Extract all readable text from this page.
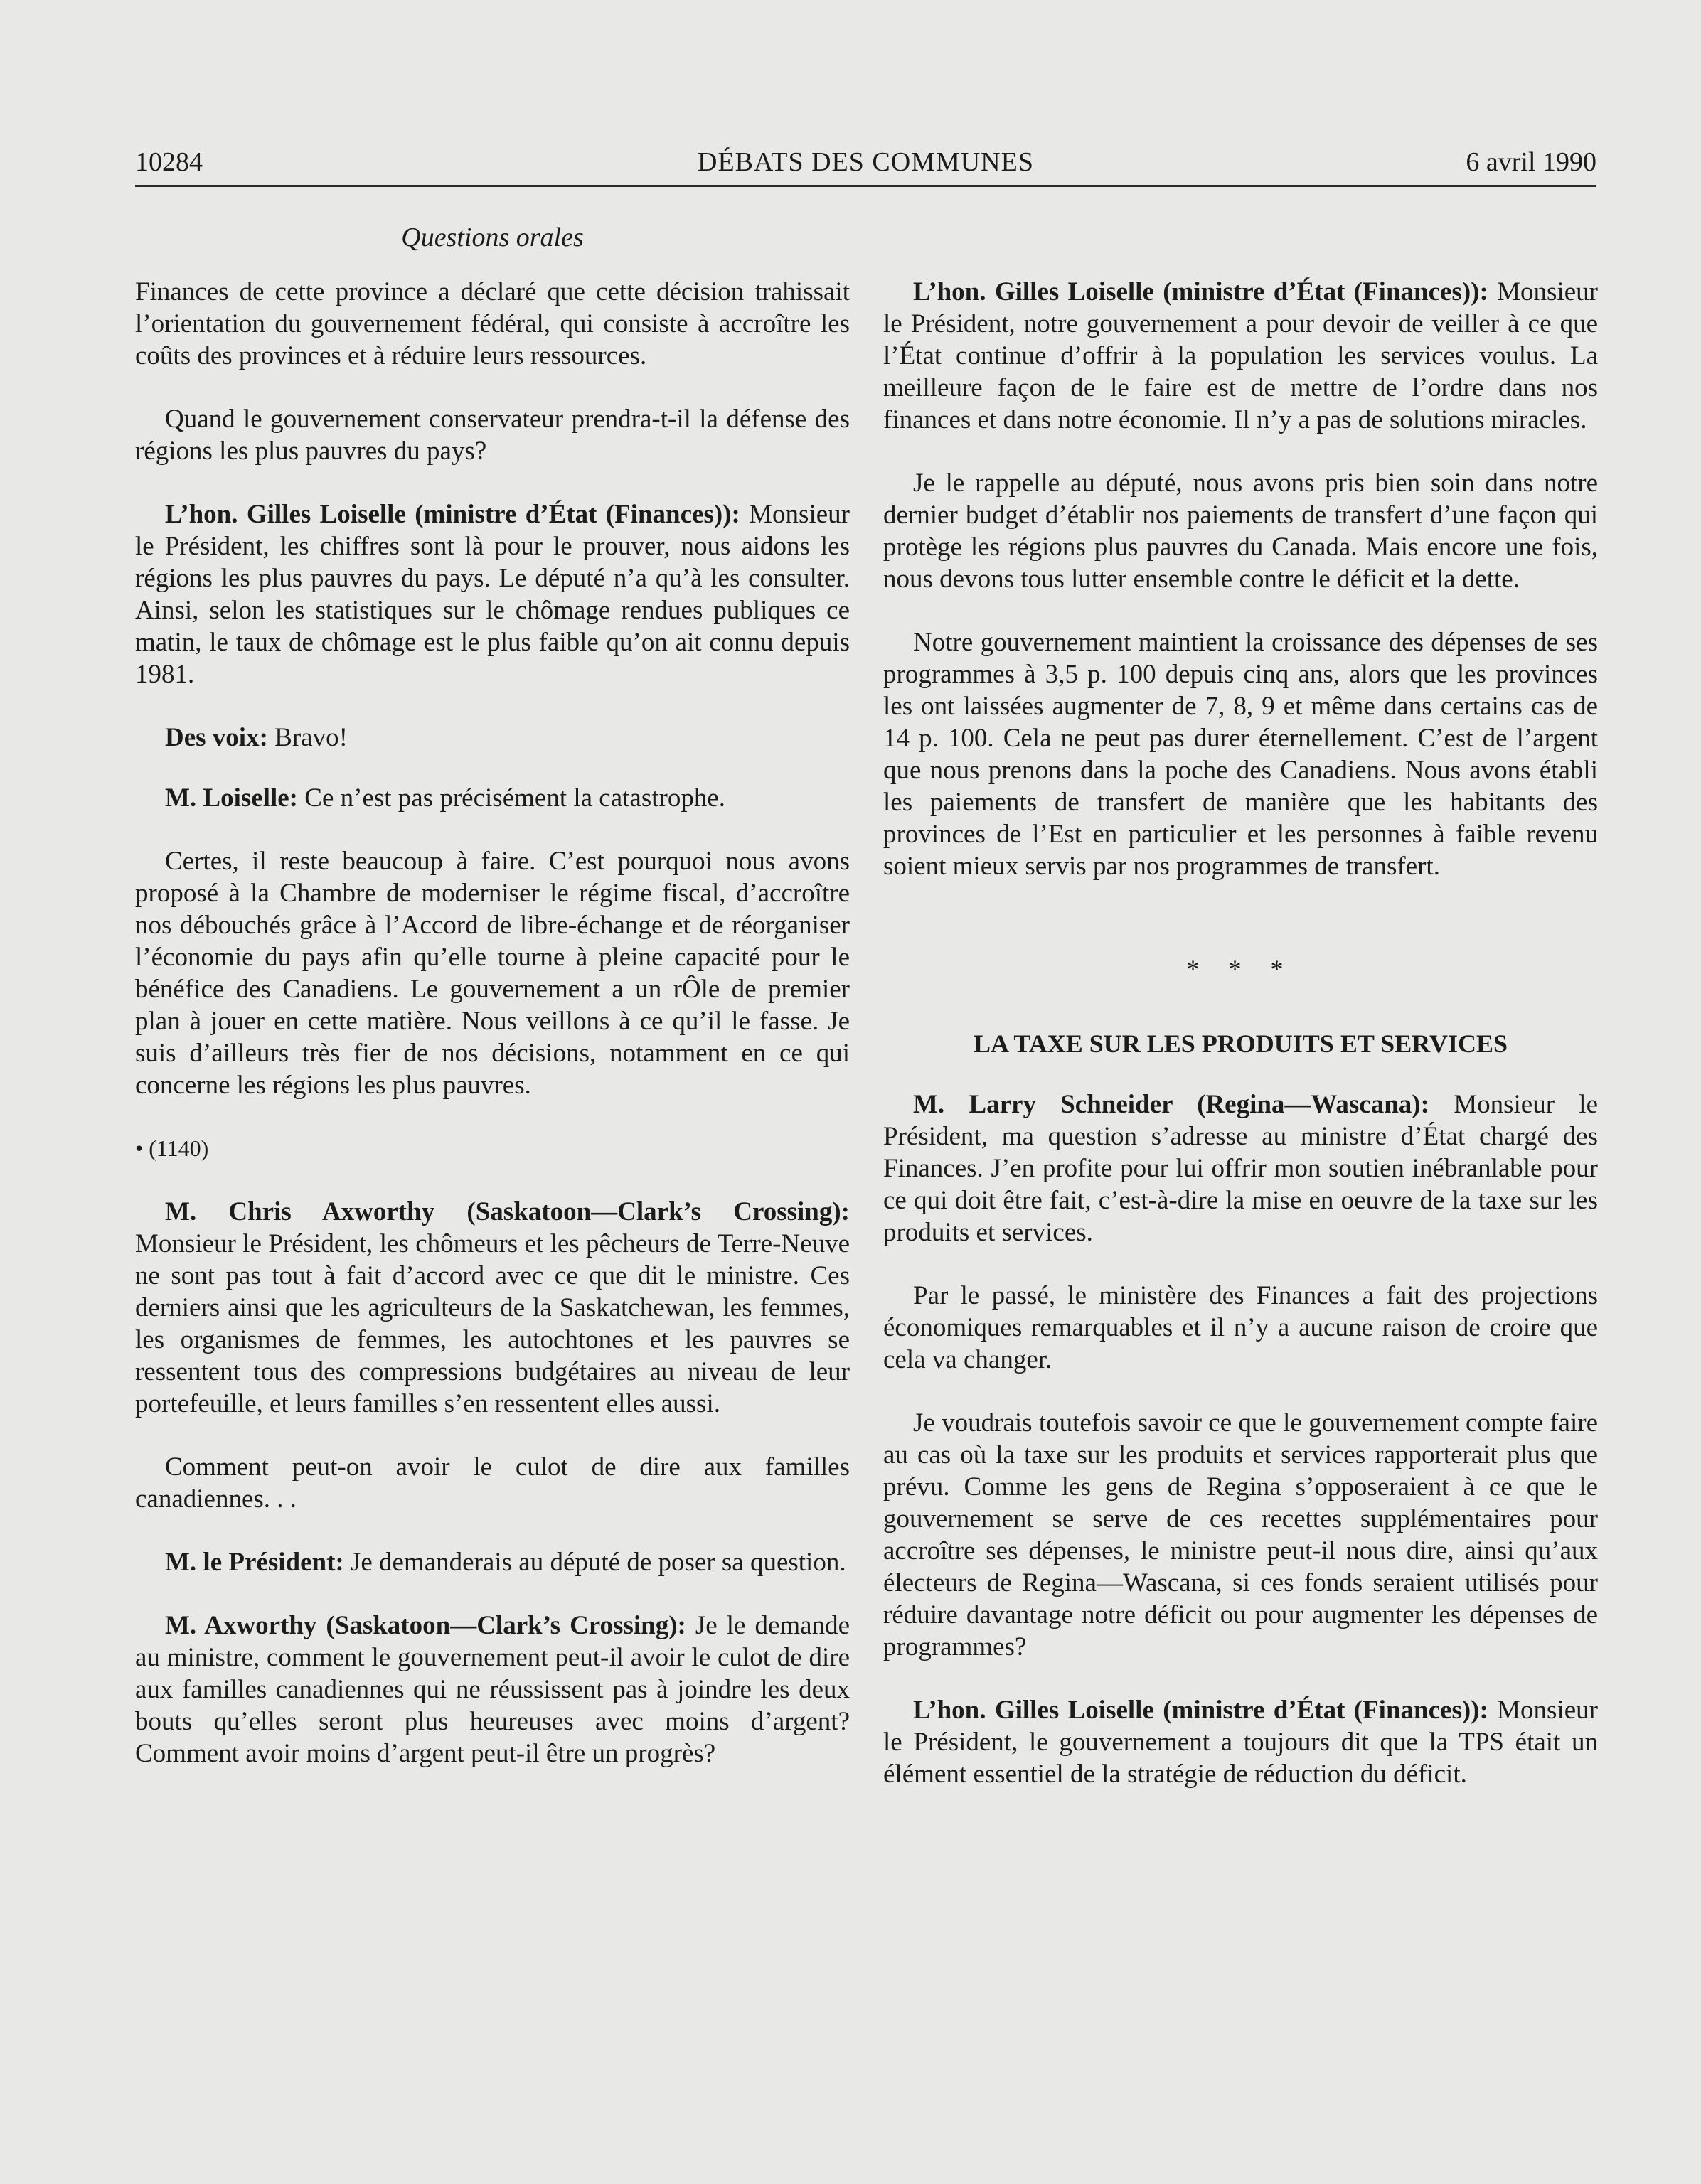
10284	DÉBATS DES COMMUNES	6 avril 1990
Questions orales

Finances de cette province a déclaré que cette décision trahissait l’orientation du gouvernement fédéral, qui consiste à accroître les coûts des provinces et à réduire leurs ressources.

Quand le gouvernement conservateur prendra-t-il la défense des régions les plus pauvres du pays?

L’hon. Gilles Loiselle (ministre d’État (Finances)): Monsieur le Président, les chiffres sont là pour le prouver, nous aidons les régions les plus pauvres du pays. Le député n’a qu’à les consulter. Ainsi, selon les statistiques sur le chômage rendues publiques ce matin, le taux de chômage est le plus faible qu’on ait connu depuis 1981.

Des voix: Bravo!

M. Loiselle: Ce n’est pas précisément la catastrophe.

Certes, il reste beaucoup à faire. C’est pourquoi nous avons proposé à la Chambre de moderniser le régime fiscal, d’accroître nos débouchés grâce à l’Accord de libre-échange et de réorganiser l’économie du pays afin qu’elle tourne à pleine capacité pour le bénéfice des Canadiens. Le gouvernement a un rÔle de premier plan à jouer en cette matière. Nous veillons à ce qu’il le fasse. Je suis d’ailleurs très fier de nos décisions, notamment en ce qui concerne les régions les plus pauvres.

• (1140)

M. Chris Axworthy (Saskatoon—Clark’s Crossing): Monsieur le Président, les chômeurs et les pêcheurs de Terre-Neuve ne sont pas tout à fait d’accord avec ce que dit le ministre. Ces derniers ainsi que les agriculteurs de la Saskatchewan, les femmes, les organismes de femmes, les autochtones et les pauvres se ressentent tous des compressions budgétaires au niveau de leur portefeuille, et leurs familles s’en ressentent elles aussi.

Comment peut-on avoir le culot de dire aux familles canadiennes. . .

M. le Président: Je demanderais au député de poser sa question.

M. Axworthy (Saskatoon—Clark’s Crossing): Je le demande au ministre, comment le gouvernement peut-il avoir le culot de dire aux familles canadiennes qui ne réussissent pas à joindre les deux bouts qu’elles seront plus heureuses avec moins d’argent? Comment avoir moins d’argent peut-il être un progrès?

L’hon. Gilles Loiselle (ministre d’État (Finances)): Monsieur le Président, notre gouvernement a pour devoir de veiller à ce que l’État continue d’offrir à la population les services voulus. La meilleure façon de le faire est de mettre de l’ordre dans nos finances et dans notre économie. Il n’y a pas de solutions miracles.

Je le rappelle au député, nous avons pris bien soin dans notre dernier budget d’établir nos paiements de transfert d’une façon qui protège les régions plus pauvres du Canada. Mais encore une fois, nous devons tous lutter ensemble contre le déficit et la dette.

Notre gouvernement maintient la croissance des dépenses de ses programmes à 3,5 p. 100 depuis cinq ans, alors que les provinces les ont laissées augmenter de 7, 8, 9 et même dans certains cas de 14 p. 100. Cela ne peut pas durer éternellement. C’est de l’argent que nous prenons dans la poche des Canadiens. Nous avons établi les paiements de transfert de manière que les habitants des provinces de l’Est en particulier et les personnes à faible revenu soient mieux servis par nos programmes de transfert.

* * *
LA TAXE SUR LES PRODUITS ET SERVICES

M. Larry Schneider (Regina—Wascana): Monsieur le Président, ma question s’adresse au ministre d’État chargé des Finances. J’en profite pour lui offrir mon soutien inébranlable pour ce qui doit être fait, c’est-à-dire la mise en oeuvre de la taxe sur les produits et services.

Par le passé, le ministère des Finances a fait des projections économiques remarquables et il n’y a aucune raison de croire que cela va changer.

Je voudrais toutefois savoir ce que le gouvernement compte faire au cas où la taxe sur les produits et services rapporterait plus que prévu. Comme les gens de Regina s’opposeraient à ce que le gouvernement se serve de ces recettes supplémentaires pour accroître ses dépenses, le ministre peut-il nous dire, ainsi qu’aux électeurs de Regina—Wascana, si ces fonds seraient utilisés pour réduire davantage notre déficit ou pour augmenter les dépenses de programmes?

L’hon. Gilles Loiselle (ministre d’État (Finances)): Monsieur le Président, le gouvernement a toujours dit que la TPS était un élément essentiel de la stratégie de réduction du déficit.
